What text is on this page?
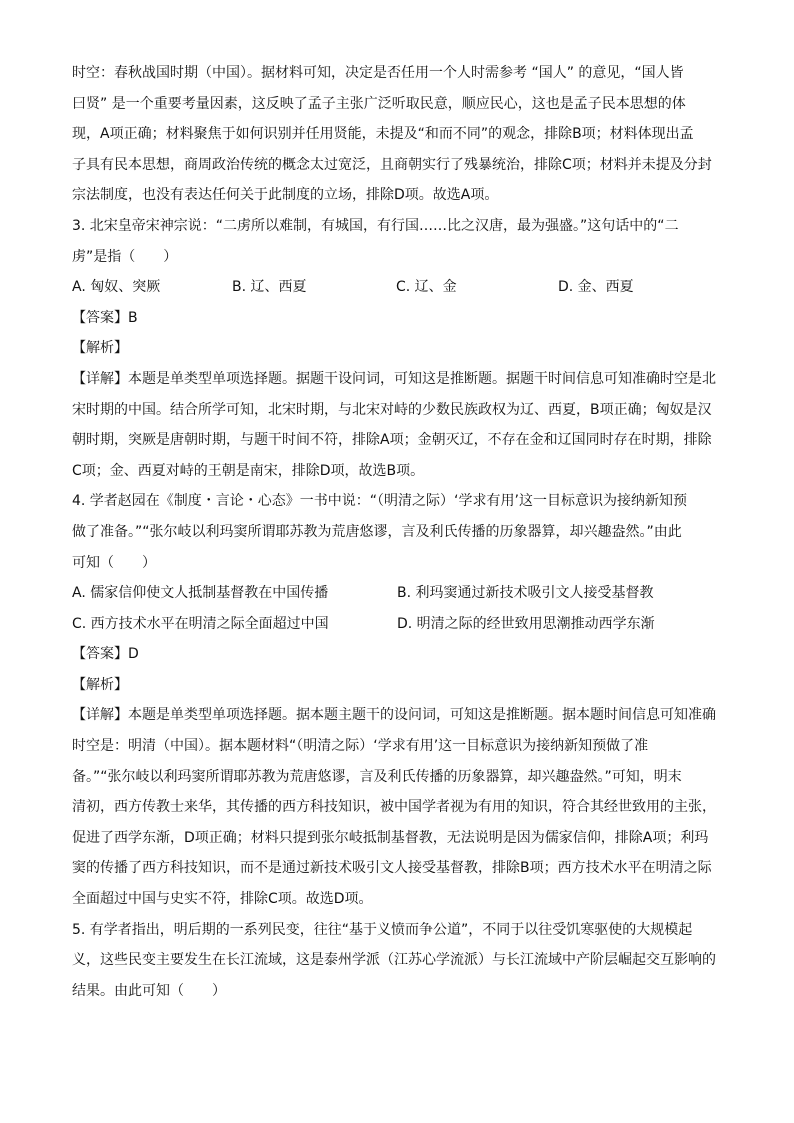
时空：春秋战国时期（中国）。据材料可知，决定是否任用一个人时需参考 “国人” 的意见，“国人皆

曰贤” 是一个重要考量因素，这反映了孟子主张广泛听取民意，顺应民心，这也是孟子民本思想的体

现，A项正确；材料聚焦于如何识别并任用贤能，未提及“和而不同”的观念，排除B项；材料体现出孟

子具有民本思想，商周政治传统的概念太过宽泛，且商朝实行了残暴统治，排除C项；材料并未提及分封

宗法制度，也没有表达任何关于此制度的立场，排除D项。故选A项。

3. 北宋皇帝宋神宗说：“二虏所以难制，有城国，有行国……比之汉唐，最为强盛。”这句话中的“二

虏”是指（　　）

A. 匈奴、突厥	B. 辽、西夏	C. 辽、金	D. 金、西夏

【答案】B

【解析】

【详解】本题是单类型单项选择题。据题干设问词，可知这是推断题。据题干时间信息可知准确时空是北

宋时期的中国。结合所学可知，北宋时期，与北宋对峙的少数民族政权为辽、西夏，B项正确；匈奴是汉

朝时期，突厥是唐朝时期，与题干时间不符，排除A项；金朝灭辽，不存在金和辽国同时存在时期，排除

C项；金、西夏对峙的王朝是南宋，排除D项，故选B项。

4. 学者赵园在《制度・言论・心态》一书中说：“（明清之际）‘学求有用’这一目标意识为接纳新知预

做了准备。”“张尔岐以利玛窦所谓耶苏教为荒唐悠谬，言及利氏传播的历象器算，却兴趣盎然。”由此

可知（　　）

A. 儒家信仰使文人抵制基督教在中国传播	B. 利玛窦通过新技术吸引文人接受基督教
C. 西方技术水平在明清之际全面超过中国	D. 明清之际的经世致用思潮推动西学东渐

【答案】D

【解析】

【详解】本题是单类型单项选择题。据本题主题干的设问词，可知这是推断题。据本题时间信息可知准确

时空是：明清（中国）。据本题材料“（明清之际）‘学求有用’这一目标意识为接纳新知预做了准

备。”“张尔岐以利玛窦所谓耶苏教为荒唐悠谬，言及利氏传播的历象器算，却兴趣盎然。”可知，明末

清初，西方传教士来华，其传播的西方科技知识，被中国学者视为有用的知识，符合其经世致用的主张，

促进了西学东渐，D项正确；材料只提到张尔岐抵制基督教，无法说明是因为儒家信仰，排除A项；利玛

窦的传播了西方科技知识，而不是通过新技术吸引文人接受基督教，排除B项；西方技术水平在明清之际

全面超过中国与史实不符，排除C项。故选D项。

5. 有学者指出，明后期的一系列民变，往往“基于义愤而争公道”，不同于以往受饥寒驱使的大规模起

义，这些民变主要发生在长江流域，这是泰州学派（江苏心学流派）与长江流域中产阶层崛起交互影响的

结果。由此可知（　　）
